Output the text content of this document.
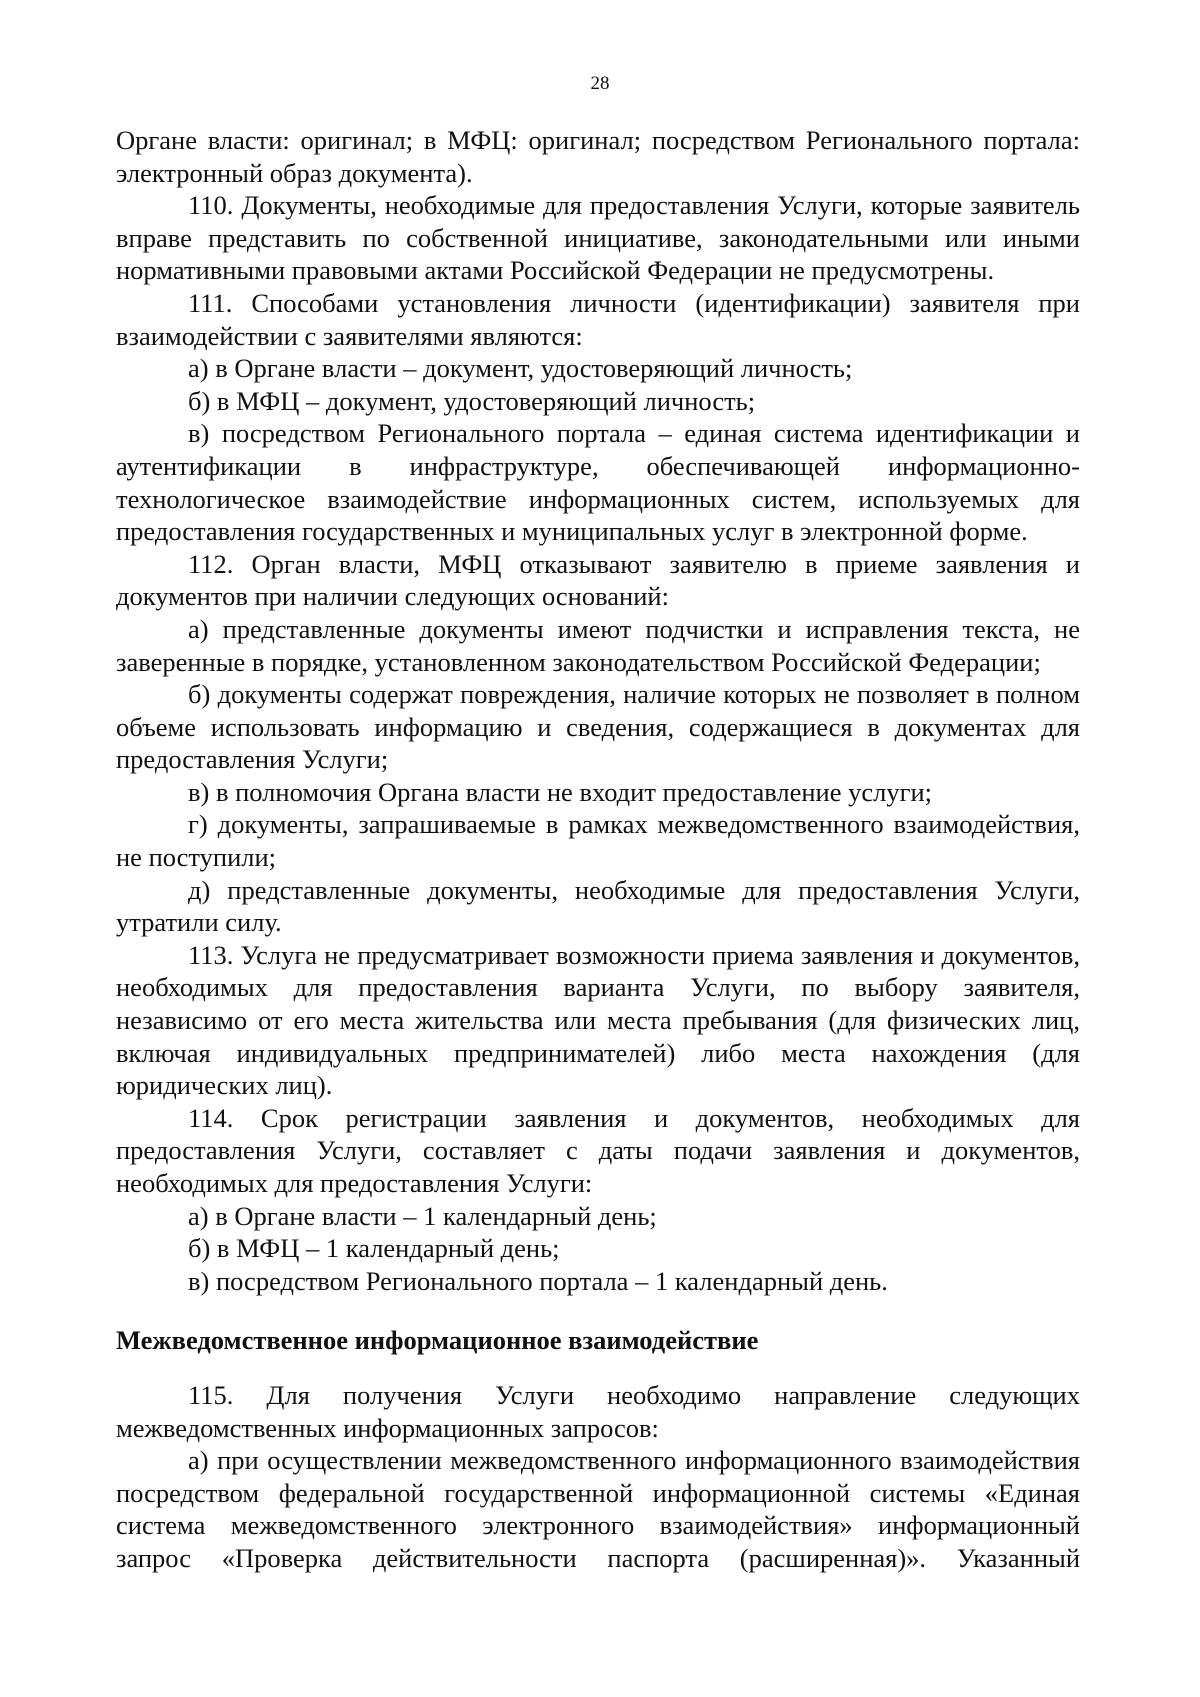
28

Органе власти: оригинал; в МФЦ: оригинал; посредством Регионального портала: электронный образ документа).

110. Документы, необходимые для предоставления Услуги, которые заявитель вправе представить по собственной инициативе, законодательными или иными нормативными правовыми актами Российской Федерации не предусмотрены.

111. Способами установления личности (идентификации) заявителя при взаимодействии с заявителями являются:

а) в Органе власти – документ, удостоверяющий личность;

б) в МФЦ – документ, удостоверяющий личность;

в) посредством Регионального портала – единая система идентификации и аутентификации в инфраструктуре, обеспечивающей информационно-технологическое взаимодействие информационных систем, используемых для предоставления государственных и муниципальных услуг в электронной форме.

112. Орган власти, МФЦ отказывают заявителю в приеме заявления и документов при наличии следующих оснований:

а) представленные документы имеют подчистки и исправления текста, не заверенные в порядке, установленном законодательством Российской Федерации;

б) документы содержат повреждения, наличие которых не позволяет в полном объеме использовать информацию и сведения, содержащиеся в документах для предоставления Услуги;

в) в полномочия Органа власти не входит предоставление услуги;

г) документы, запрашиваемые в рамках межведомственного взаимодействия, не поступили;

д) представленные документы, необходимые для предоставления Услуги, утратили силу.

113. Услуга не предусматривает возможности приема заявления и документов, необходимых для предоставления варианта Услуги, по выбору заявителя, независимо от его места жительства или места пребывания (для физических лиц, включая индивидуальных предпринимателей) либо места нахождения (для юридических лиц).

114. Срок регистрации заявления и документов, необходимых для предоставления Услуги, составляет с даты подачи заявления и документов, необходимых для предоставления Услуги:

а) в Органе власти – 1 календарный день;

б) в МФЦ – 1 календарный день;

в) посредством Регионального портала – 1 календарный день.

Межведомственное информационное взаимодействие

115. Для получения Услуги необходимо направление следующих межведомственных информационных запросов:

а) при осуществлении межведомственного информационного взаимодействия посредством федеральной государственной информационной системы «Единая система межведомственного электронного взаимодействия» информационный запрос «Проверка действительности паспорта (расширенная)». Указанный
